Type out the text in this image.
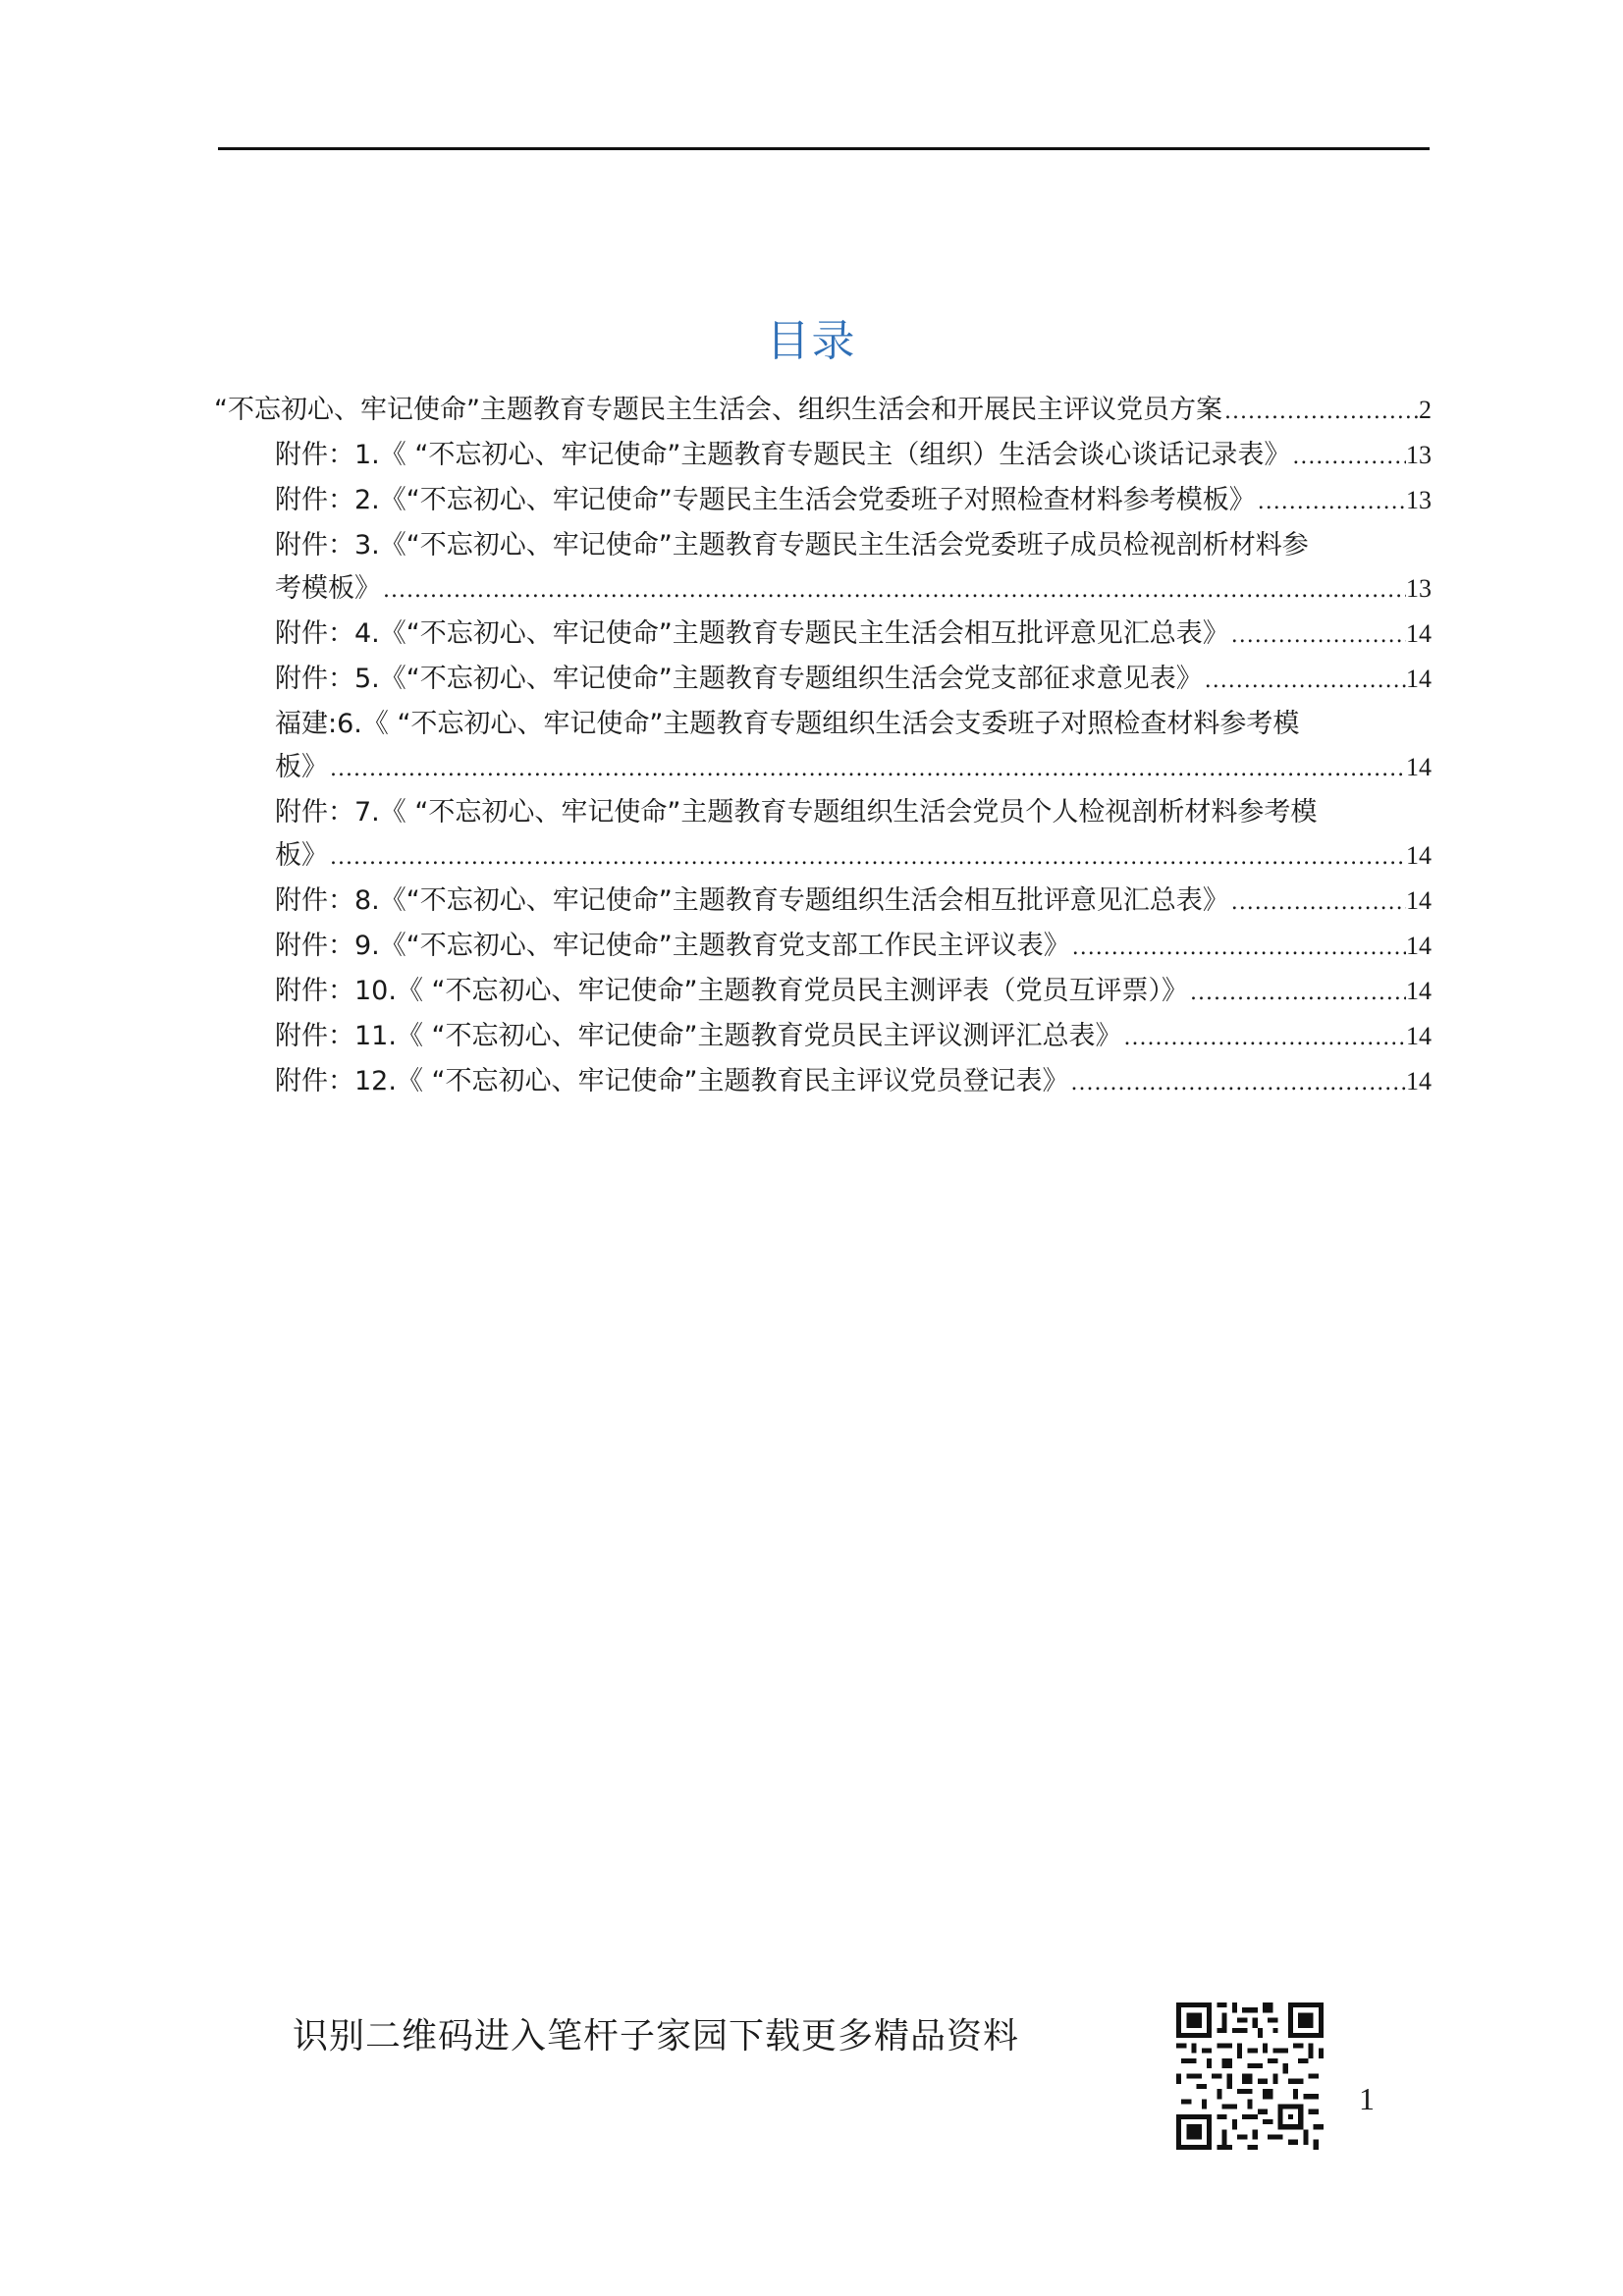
目录
“不忘初心、牢记使命”主题教育专题民主生活会、组织生活会和开展民主评议党员方案 .....	2
附件：1.《 “不忘初心、牢记使命”主题教育专题民主（组织）生活会谈心谈话记录表》 .....	13
附件：2.《“不忘初心、牢记使命”专题民主生活会党委班子对照检查材料参考模板》 .....	13
附件：3.《“不忘初心、牢记使命”主题教育专题民主生活会党委班子成员检视剖析材料参
考模板》 .....	13
附件：4.《“不忘初心、牢记使命”主题教育专题民主生活会相互批评意见汇总表》 .....	14
附件：5.《“不忘初心、牢记使命”主题教育专题组织生活会党支部征求意见表》 .....	14
福建:6.《 “不忘初心、牢记使命”主题教育专题组织生活会支委班子对照检查材料参考模
板》 .....	14
附件：7.《 “不忘初心、牢记使命”主题教育专题组织生活会党员个人检视剖析材料参考模
板》 .....	14
附件：8.《“不忘初心、牢记使命”主题教育专题组织生活会相互批评意见汇总表》 .....	14
附件：9.《“不忘初心、牢记使命”主题教育党支部工作民主评议表》 .....	14
附件：10.《 “不忘初心、牢记使命”主题教育党员民主测评表（党员互评票）》 .....	14
附件：11.《 “不忘初心、牢记使命”主题教育党员民主评议测评汇总表》 .....	14
附件：12.《 “不忘初心、牢记使命”主题教育民主评议党员登记表》 .....	14
识别二维码进入笔杆子家园下载更多精品资料
1
